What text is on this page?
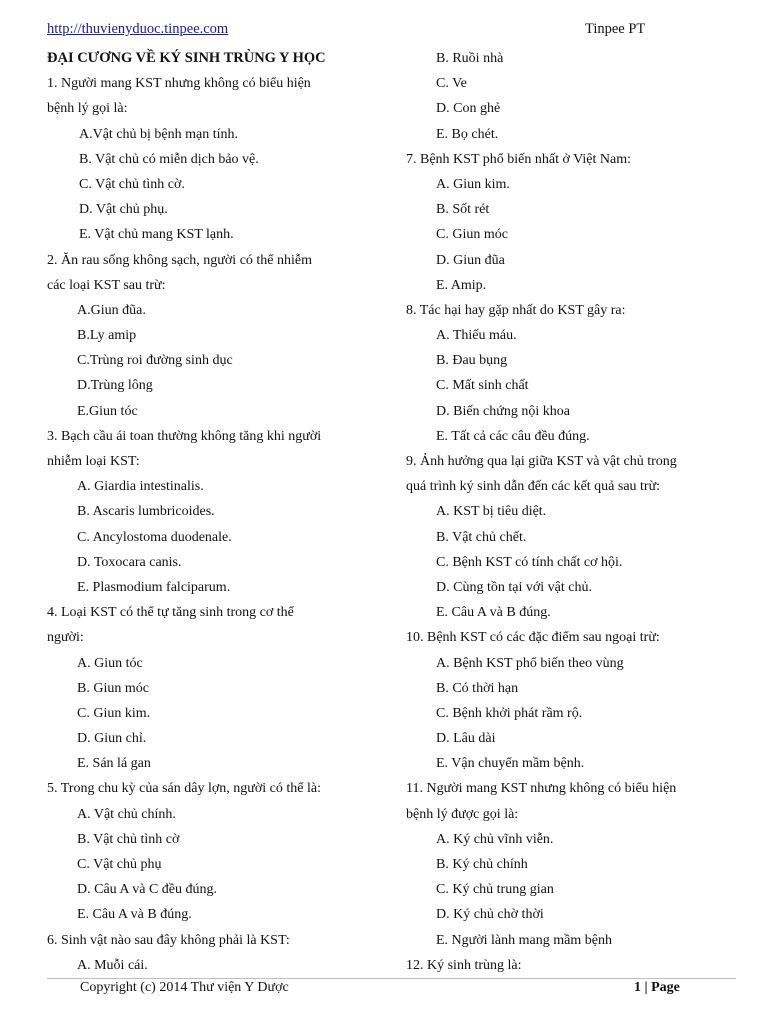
http://thuvienyduoc.tinpee.com	Tinpee PT
ĐẠI CƯƠNG VỀ KÝ SINH TRÙNG Y HỌC
1. Người mang KST nhưng không có biểu hiện
bệnh lý gọi là:
A.Vật chủ bị bệnh mạn tính.
B. Vật chủ có miễn dịch bảo vệ.
C. Vật chủ tình cờ.
D. Vật chủ phụ.
E. Vật chủ mang KST lạnh.
2. Ăn rau sống không sạch, người có thể nhiễm
các loại KST sau trừ:
A.Giun đũa.
B.Ly amip
C.Trùng roi đường sinh dục
D.Trùng lông
E.Giun tóc
3. Bạch cầu ái toan thường không tăng khi người
nhiễm loại KST:
A. Giardia intestinalis.
B. Ascaris lumbricoides.
C. Ancylostoma duodenale.
D. Toxocara canis.
E. Plasmodium falciparum.
4. Loại KST có thể tự tăng sinh trong cơ thể
người:
A. Giun tóc
B. Giun móc
C. Giun kim.
D. Giun chỉ.
E. Sán lá gan
5. Trong chu kỳ của sán dây lợn, người có thể là:
A. Vật chủ chính.
B. Vật chủ tình cờ
C. Vật chủ phụ
D. Câu A và C đều đúng.
E. Câu A và B đúng.
6. Sinh vật nào sau đây không phải là KST:
A. Muỗi cái.
B. Ruồi nhà
C. Ve
D. Con ghẻ
E. Bọ chét.
7. Bệnh KST phổ biến nhất ở Việt Nam:
A. Giun kim.
B. Sốt rét
C. Giun móc
D. Giun đũa
E. Amip.
8. Tác hại hay gặp nhất do KST gây ra:
A. Thiếu máu.
B. Đau bụng
C. Mất sinh chất
D. Biến chứng nội khoa
E. Tất cả các câu đều đúng.
9. Ảnh hưởng qua lại giữa KST và vật chủ trong
quá trình ký sinh dẫn đến các kết quả sau trừ:
A. KST bị tiêu diệt.
B. Vật chủ chết.
C. Bệnh KST có tính chất cơ hội.
D. Cùng tồn tại với vật chủ.
E. Câu A và B đúng.
10. Bệnh KST có các đặc điểm sau ngoại trừ:
A. Bệnh KST phổ biến theo vùng
B. Có thời hạn
C. Bệnh khởi phát rầm rộ.
D. Lâu dài
E. Vận chuyển mầm bệnh.
11. Người mang KST nhưng không có biểu hiện
bệnh lý được gọi là:
A. Ký chủ vĩnh viễn.
B. Ký chủ chính
C. Ký chủ trung gian
D. Ký chủ chờ thời
E. Người lành mang mầm bệnh
12. Ký sinh trùng là:
Copyright (c) 2014 Thư viện Y Dược	1 | Page
